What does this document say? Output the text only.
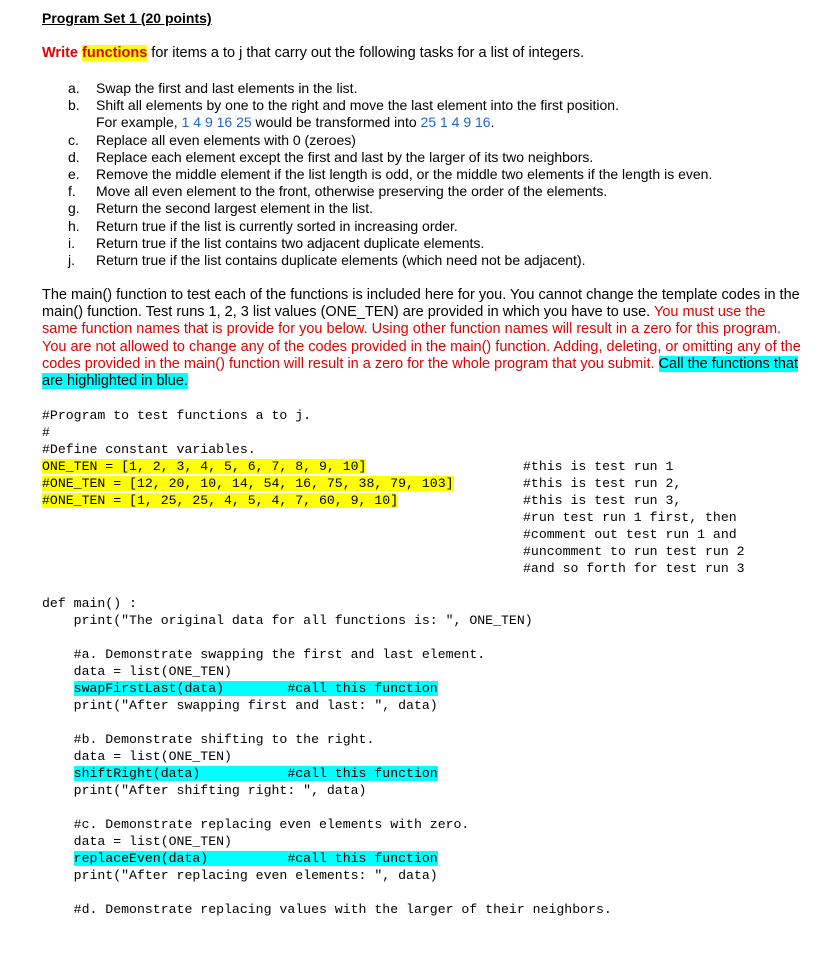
Program Set 1 (20 points)
Write functions for items a to j that carry out the following tasks for a list of integers.
a.	Swap the first and last elements in the list.
b.	Shift all elements by one to the right and move the last element into the first position.
For example, 1 4 9 16 25 would be transformed into 25 1 4 9 16.
c.	Replace all even elements with 0 (zeroes)
d.	Replace each element except the first and last by the larger of its two neighbors.
e.	Remove the middle element if the list length is odd, or the middle two elements if the length is even.
f.	Move all even element to the front, otherwise preserving the order of the elements.
g.	Return the second largest element in the list.
h.	Return true if the list is currently sorted in increasing order.
i.	Return true if the list contains two adjacent duplicate elements.
j.	Return true if the list contains duplicate elements (which need not be adjacent).
The main() function to test each of the functions is included here for you. You cannot change the template codes in the main() function. Test runs 1, 2, 3 list values (ONE_TEN) are provided in which you have to use. You must use the same function names that is provide for you below. Using other function names will result in a zero for this program. You are not allowed to change any of the codes provided in the main() function. Adding, deleting, or omitting any of the codes provided in the main() function will result in a zero for the whole program that you submit. Call the functions that are highlighted in blue.
#Program to test functions a to j.
#
#Define constant variables.
ONE_TEN = [1, 2, 3, 4, 5, 6, 7, 8, 9, 10]
#ONE_TEN = [12, 20, 10, 14, 54, 16, 75, 38, 79, 103]
#ONE_TEN = [1, 25, 25, 4, 5, 4, 7, 60, 9, 10]
#this is test run 1
#this is test run 2,
#this is test run 3,
#run test run 1 first, then
#comment out test run 1 and
#uncomment to run test run 2
#and so forth for test run 3
def main() :
print("The original data for all functions is: ", ONE_TEN)

#a. Demonstrate swapping the first and last element.
data = list(ONE_TEN)
swapFirstLast(data)        #call this function
print("After swapping first and last: ", data)

#b. Demonstrate shifting to the right.
data = list(ONE_TEN)
shiftRight(data)           #call this function
print("After shifting right: ", data)

#c. Demonstrate replacing even elements with zero.
data = list(ONE_TEN)
replaceEven(data)          #call this function
print("After replacing even elements: ", data)

#d. Demonstrate replacing values with the larger of their neighbors.
